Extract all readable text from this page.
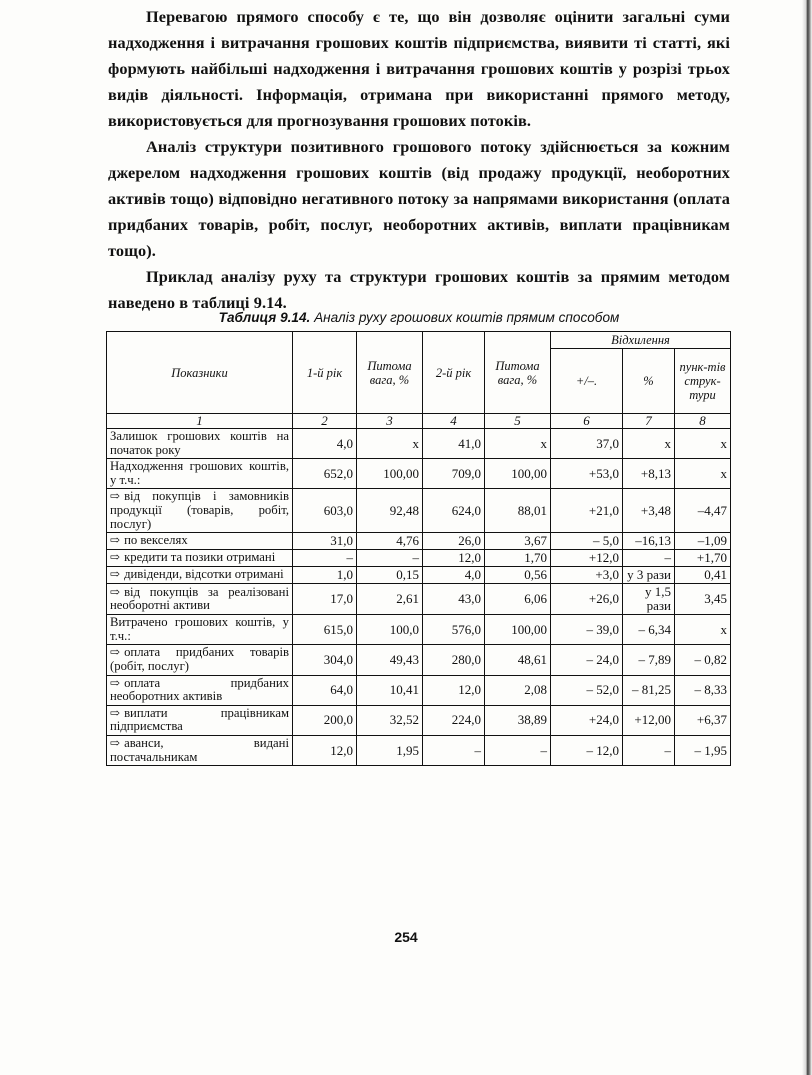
Перевагою прямого способу є те, що він дозволяє оцінити загальні суми надходження і витрачання грошових коштів підприємства, виявити ті статті, які формують найбільші надходження і витрачання грошових коштів у розрізі трьох видів діяльності. Інформація, отримана при використанні прямого методу, використовується для прогнозування грошових потоків.

Аналіз структури позитивного грошового потоку здійснюється за кожним джерелом надходження грошових коштів (від продажу продукції, необоротних активів тощо) відповідно негативного потоку за напрямами використання (оплата придбаних товарів, робіт, послуг, необоротних активів, виплати працівникам тощо).

Приклад аналізу руху та структури грошових коштів за прямим методом наведено в таблиці 9.14.

Таблиця 9.14. Аналіз руху грошових коштів прямим способом
Показники	1-й рік	Питома вага, %	2-й рік	Питома вага, %	Відхилення		
					+/–.	%	пунк-тів струк-тури
1	2	3	4	5	6	7	8
Залишок грошових коштів на початок року	4,0	х	41,0	х	37,0	х	х
Надходження грошових коштів, у т.ч.:	652,0	100,00	709,0	100,00	+53,0	+8,13	х
⇨ від покупців і замовників продукції (товарів, робіт, послуг)	603,0	92,48	624,0	88,01	+21,0	+3,48	–4,47
⇨ по векселях	31,0	4,76	26,0	3,67	– 5,0	–16,13	–1,09
⇨ кредити та позики отримані	–	–	12,0	1,70	+12,0	–	+1,70
⇨ дивіденди, відсотки отримані	1,0	0,15	4,0	0,56	+3,0	у 3 рази	0,41
⇨ від покупців за реалізовані необоротні активи	17,0	2,61	43,0	6,06	+26,0	у 1,5 рази	3,45
Витрачено грошових коштів, у т.ч.:	615,0	100,0	576,0	100,00	– 39,0	– 6,34	х
⇨ оплата придбаних товарів (робіт, послуг)	304,0	49,43	280,0	48,61	– 24,0	– 7,89	– 0,82
⇨ оплата придбаних необоротних активів	64,0	10,41	12,0	2,08	– 52,0	– 81,25	– 8,33
⇨ виплати працівникам підприємства	200,0	32,52	224,0	38,89	+24,0	+12,00	+6,37
⇨ аванси, видані постачальникам	12,0	1,95	–	–	– 12,0	–	– 1,95
254
